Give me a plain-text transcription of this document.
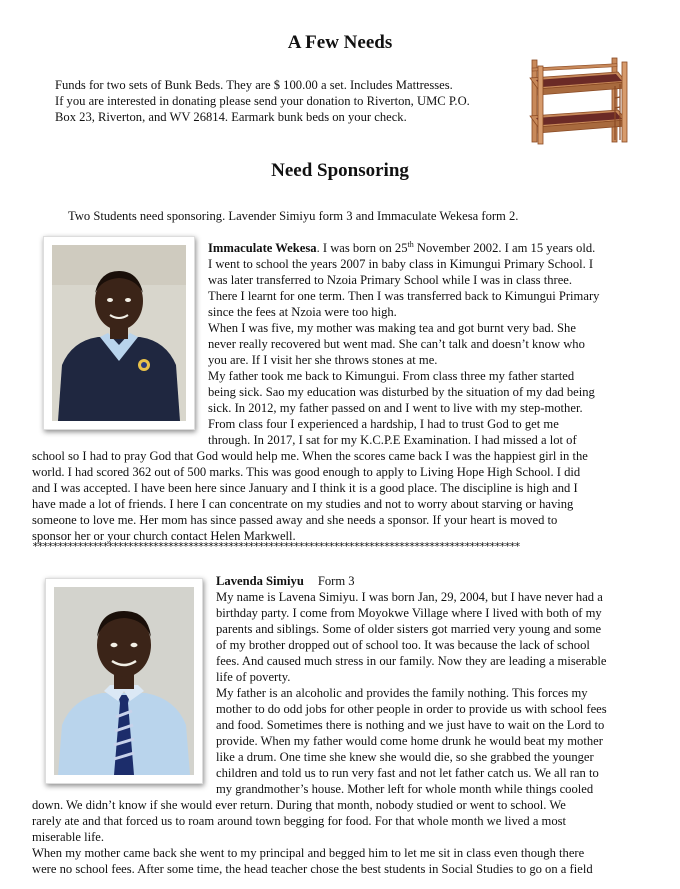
A Few Needs

Funds for two sets of Bunk Beds. They are $ 100.00 a set. Includes Mattresses.

If you are interested in donating please send your donation to Riverton, UMC P.O.

Box 23, Riverton, and WV 26814. Earmark bunk beds on your check.

Need Sponsoring
Two Students need sponsoring. Lavender Simiyu form 3 and Immaculate Wekesa form 2.

Immaculate Wekesa. I was born on 25th November 2002. I am 15 years old.

I went to school the years 2007 in baby class in Kimungui Primary School. I

was later transferred to Nzoia Primary School while I was in class three.

There I learnt for one term. Then I was transferred back to Kimungui Primary

since the fees at Nzoia were too high.

When I was five, my mother was making tea and got burnt very bad. She

never really recovered but went mad. She can’t talk and doesn’t know who

you are. If I visit her she throws stones at me.

My father took me back to Kimungui. From class three my father started

being sick. Sao my education was disturbed by the situation of my dad being

sick. In 2012, my father passed on and I went to live with my step-mother.

From class four I experienced a hardship, I had to trust God to get me

through. In 2017, I sat for my K.C.P.E Examination. I had missed a lot of

school so I had to pray God that God would help me. When the scores came back I was the happiest girl in the

world. I had scored 362 out of 500 marks. This was good enough to apply to Living Hope High School. I did

and I was accepted. I have been here since January and I think it is a good place. The discipline is high and I

have made a lot of friends. I here I can concentrate on my studies and not to worry about starving or having

someone to love me. Her mom has since passed away and she needs a sponsor. If your heart is moved to

sponsor her or your church contact Helen Markwell.

*************************************************************************************************

Lavenda Simiyu Form 3

My name is Lavena Simiyu. I was born Jan, 29, 2004, but I have never had a

birthday party. I come from Moyokwe Village where I lived with both of my

parents and siblings. Some of older sisters got married very young and some

of my brother dropped out of school too. It was because the lack of school

fees. And caused much stress in our family. Now they are leading a miserable

life of poverty.

My father is an alcoholic and provides the family nothing. This forces my

mother to do odd jobs for other people in order to provide us with school fees

and food. Sometimes there is nothing and we just have to wait on the Lord to

provide. When my father would come home drunk he would beat my mother

like a drum. One time she knew she would die, so she grabbed the younger

children and told us to run very fast and not let father catch us. We all ran to

my grandmother’s house. Mother left for whole month while things cooled

down. We didn’t know if she would ever return. During that month, nobody studied or went to school. We

rarely ate and that forced us to roam around town begging for food. For that whole month we lived a most

miserable life.

When my mother came back she went to my principal and begged him to let me sit in class even though there

were no school fees. After some time, the head teacher chose the best students in Social Studies to go on a field
